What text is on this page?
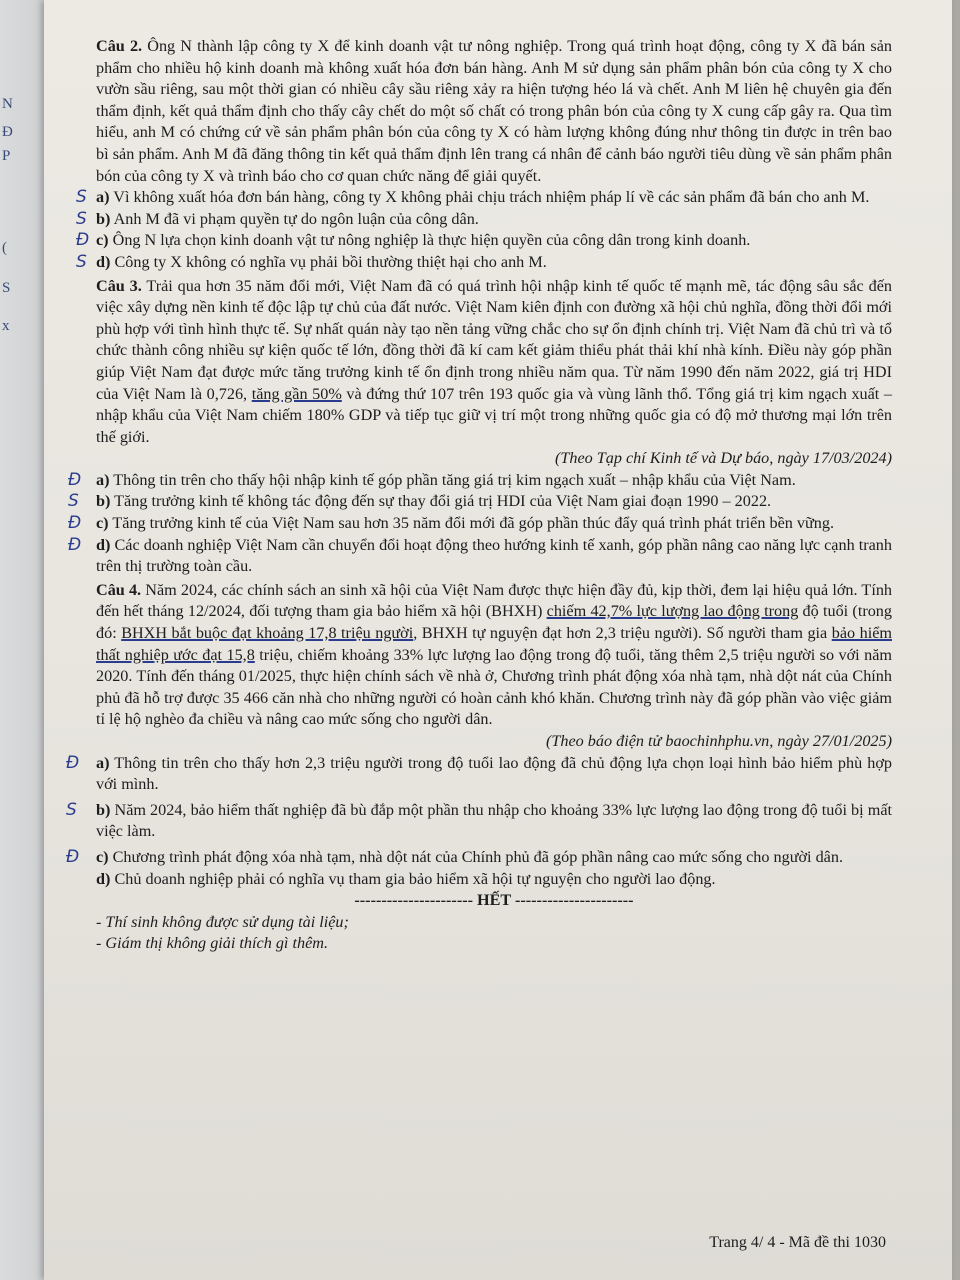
N
Đ
P
(
S
x

Câu 2. Ông N thành lập công ty X để kinh doanh vật tư nông nghiệp. Trong quá trình hoạt động, công ty X đã bán sản phẩm cho nhiều hộ kinh doanh mà không xuất hóa đơn bán hàng. Anh M sử dụng sản phẩm phân bón của công ty X cho vườn sầu riêng, sau một thời gian có nhiều cây sầu riêng xảy ra hiện tượng héo lá và chết. Anh M liên hệ chuyên gia đến thẩm định, kết quả thẩm định cho thấy cây chết do một số chất có trong phân bón của công ty X cung cấp gây ra. Qua tìm hiểu, anh M có chứng cứ về sản phẩm phân bón của công ty X có hàm lượng không đúng như thông tin được in trên bao bì sản phẩm. Anh M đã đăng thông tin kết quả thẩm định lên trang cá nhân để cảnh báo người tiêu dùng về sản phẩm phân bón của công ty X và trình báo cho cơ quan chức năng để giải quyết.

S a) Vì không xuất hóa đơn bán hàng, công ty X không phải chịu trách nhiệm pháp lí về các sản phẩm đã bán cho anh M.
S b) Anh M đã vi phạm quyền tự do ngôn luận của công dân.
Đ c) Ông N lựa chọn kinh doanh vật tư nông nghiệp là thực hiện quyền của công dân trong kinh doanh.
S d) Công ty X không có nghĩa vụ phải bồi thường thiệt hại cho anh M.

Câu 3. Trải qua hơn 35 năm đổi mới, Việt Nam đã có quá trình hội nhập kinh tế quốc tế mạnh mẽ, tác động sâu sắc đến việc xây dựng nền kinh tế độc lập tự chủ của đất nước. Việt Nam kiên định con đường xã hội chủ nghĩa, đồng thời đổi mới phù hợp với tình hình thực tế. Sự nhất quán này tạo nền tảng vững chắc cho sự ổn định chính trị. Việt Nam đã chủ trì và tổ chức thành công nhiều sự kiện quốc tế lớn, đồng thời đã kí cam kết giảm thiểu phát thải khí nhà kính. Điều này góp phần giúp Việt Nam đạt được mức tăng trưởng kinh tế ổn định trong nhiều năm qua. Từ năm 1990 đến năm 2022, giá trị HDI của Việt Nam là 0,726, tăng gần 50% và đứng thứ 107 trên 193 quốc gia và vùng lãnh thổ. Tổng giá trị kim ngạch xuất – nhập khẩu của Việt Nam chiếm 180% GDP và tiếp tục giữ vị trí một trong những quốc gia có độ mở thương mại lớn trên thế giới.

(Theo Tạp chí Kinh tế và Dự báo, ngày 17/03/2024)

Đ a) Thông tin trên cho thấy hội nhập kinh tế góp phần tăng giá trị kim ngạch xuất – nhập khẩu của Việt Nam.
S b) Tăng trưởng kinh tế không tác động đến sự thay đổi giá trị HDI của Việt Nam giai đoạn 1990 – 2022.
Đ c) Tăng trưởng kinh tế của Việt Nam sau hơn 35 năm đổi mới đã góp phần thúc đẩy quá trình phát triển bền vững.
Đ d) Các doanh nghiệp Việt Nam cần chuyển đổi hoạt động theo hướng kinh tế xanh, góp phần nâng cao năng lực cạnh tranh trên thị trường toàn cầu.

Câu 4. Năm 2024, các chính sách an sinh xã hội của Việt Nam được thực hiện đầy đủ, kịp thời, đem lại hiệu quả lớn. Tính đến hết tháng 12/2024, đối tượng tham gia bảo hiểm xã hội (BHXH) chiếm 42,7% lực lượng lao động trong độ tuổi (trong đó: BHXH bắt buộc đạt khoảng 17,8 triệu người, BHXH tự nguyện đạt hơn 2,3 triệu người). Số người tham gia bảo hiểm thất nghiệp ước đạt 15,8 triệu, chiếm khoảng 33% lực lượng lao động trong độ tuổi, tăng thêm 2,5 triệu người so với năm 2020. Tính đến tháng 01/2025, thực hiện chính sách về nhà ở, Chương trình phát động xóa nhà tạm, nhà dột nát của Chính phủ đã hỗ trợ được 35 466 căn nhà cho những người có hoàn cảnh khó khăn. Chương trình này đã góp phần vào việc giảm tỉ lệ hộ nghèo đa chiều và nâng cao mức sống cho người dân.

(Theo báo điện tử baochinhphu.vn, ngày 27/01/2025)

Đ a) Thông tin trên cho thấy hơn 2,3 triệu người trong độ tuổi lao động đã chủ động lựa chọn loại hình bảo hiểm phù hợp với mình.
S b) Năm 2024, bảo hiểm thất nghiệp đã bù đắp một phần thu nhập cho khoảng 33% lực lượng lao động trong độ tuổi bị mất việc làm.
Đ c) Chương trình phát động xóa nhà tạm, nhà dột nát của Chính phủ đã góp phần nâng cao mức sống cho người dân.
d) Chủ doanh nghiệp phải có nghĩa vụ tham gia bảo hiểm xã hội tự nguyện cho người lao động.

---------------------- HẾT ----------------------

- Thí sinh không được sử dụng tài liệu;

- Giám thị không giải thích gì thêm.

Trang 4/ 4 - Mã đề thi 1030
